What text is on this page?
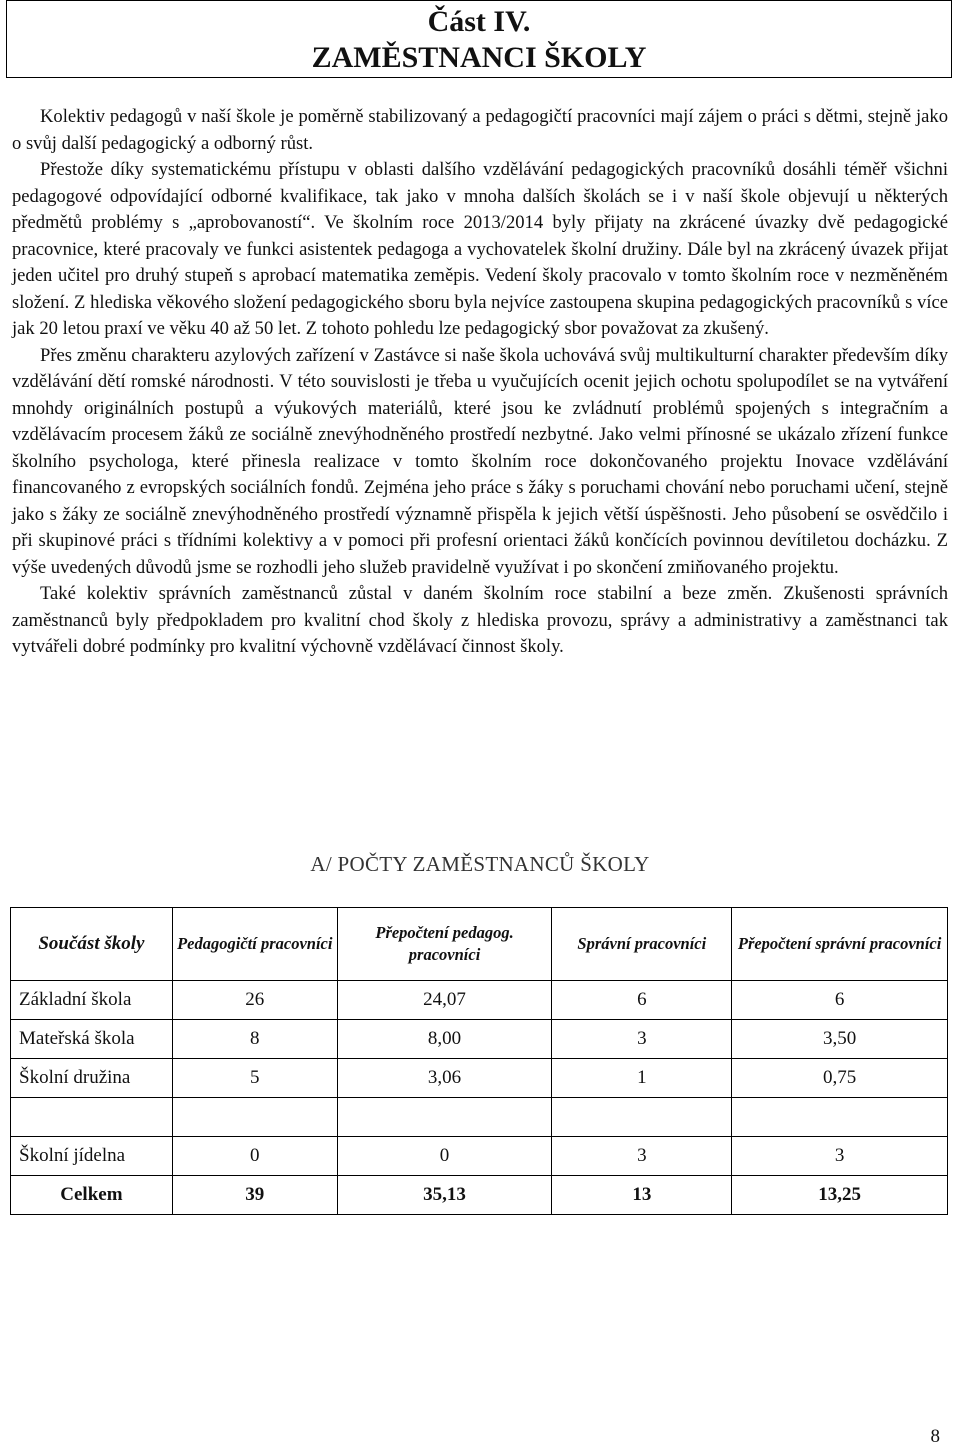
Část IV.
ZAMĚSTNANCI ŠKOLY

Kolektiv pedagogů v naší škole je poměrně stabilizovaný a pedagogičtí pracovníci mají zájem o práci s dětmi, stejně jako o svůj další pedagogický a odborný růst.

Přestože díky systematickému přístupu v oblasti dalšího vzdělávání pedagogických pracovníků dosáhli téměř všichni pedagogové odpovídající odborné kvalifikace, tak jako v mnoha dalších školách se i v naší škole objevují u některých předmětů problémy s „aprobovaností“. Ve školním roce 2013/2014 byly přijaty na zkrácené úvazky dvě pedagogické pracovnice, které pracovaly ve funkci asistentek pedagoga a vychovatelek školní družiny. Dále byl na zkrácený úvazek přijat jeden učitel pro druhý stupeň s aprobací matematika zeměpis. Vedení školy pracovalo v tomto školním roce v nezměněném složení. Z hlediska věkového složení pedagogického sboru byla nejvíce zastoupena skupina pedagogických pracovníků s více jak 20 letou praxí ve věku 40 až 50 let. Z tohoto pohledu lze pedagogický sbor považovat za zkušený.

Přes změnu charakteru azylových zařízení v Zastávce si naše škola uchovává svůj multikulturní charakter především díky vzdělávání dětí romské národnosti. V této souvislosti je třeba u vyučujících ocenit jejich ochotu spolupodílet se na vytváření mnohdy originálních postupů a výukových materiálů, které jsou ke zvládnutí problémů spojených s integračním a vzdělávacím procesem žáků ze sociálně znevýhodněného prostředí nezbytné. Jako velmi přínosné se ukázalo zřízení funkce školního psychologa, které přinesla realizace v tomto školním roce dokončovaného projektu Inovace vzdělávání financovaného z evropských sociálních fondů. Zejména jeho práce s žáky s poruchami chování nebo poruchami učení, stejně jako s žáky ze sociálně znevýhodněného prostředí významně přispěla k jejich větší úspěšnosti. Jeho působení se osvědčilo i při skupinové práci s třídními kolektivy a v pomoci při profesní orientaci žáků končících povinnou devítiletou docházku. Z výše uvedených důvodů jsme se rozhodli jeho služeb pravidelně využívat i po skončení zmiňovaného projektu.

Také kolektiv správních zaměstnanců zůstal v daném školním roce stabilní a beze změn. Zkušenosti správních zaměstnanců byly předpokladem pro kvalitní chod školy z hlediska provozu, správy a administrativy a zaměstnanci tak vytvářeli dobré podmínky pro kvalitní výchovně vzdělávací činnost školy.

A/ POČTY ZAMĚSTNANCŮ ŠKOLY
Součást školy	Pedagogičtí pracovníci	Přepočtení pedagog. pracovníci	Správní pracovníci	Přepočtení správní pracovníci
Základní škola	26	24,07	6	6
Mateřská škola	8	8,00	3	3,50
Školní družina	5	3,06	1	0,75

Školní jídelna	0	0	3	3
Celkem	39	35,13	13	13,25
8
